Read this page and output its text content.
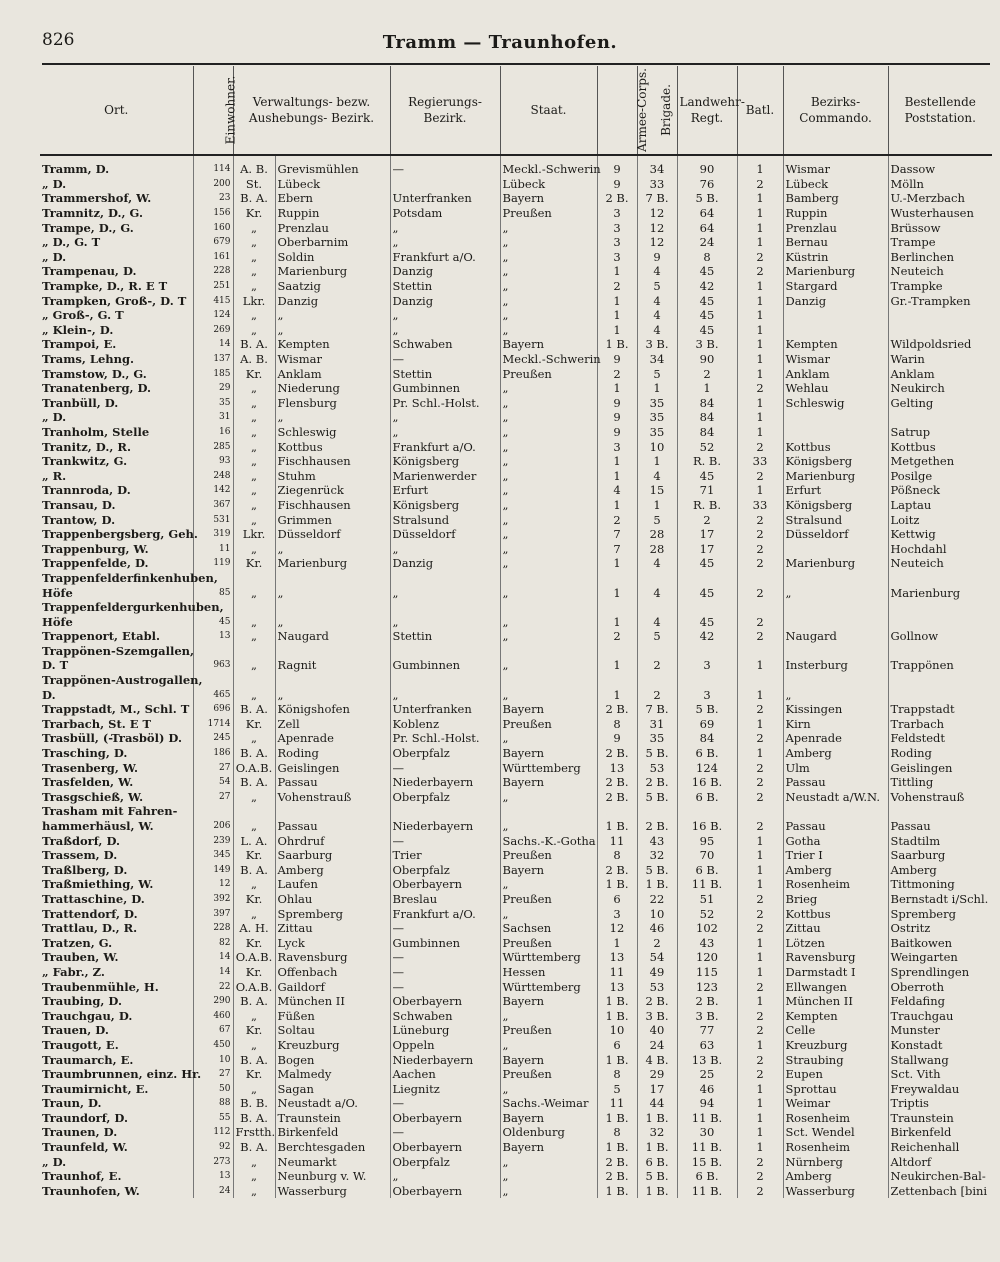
826	Tramm — Traunhofen.
Ort.	Einwohner.	Verwaltungs- bezw. Aushebungs- Bezirk.		Regierungs- Bezirk.	Staat.	Armee-Corps.	Brigade.	Landwehr- Regt.	Batl.	Bezirks- Commando.	Bestellende Poststation.
Tramm, D.	114	A. B.	Grevismühlen	—	Meckl.-Schwerin	9	34	90	1	Wismar	Dassow
„ D.	200	St.	Lübeck		Lübeck	9	33	76	2	Lübeck	Mölln
Trammershof, W.	23	B. A.	Ebern	Unterfranken	Bayern	2 B.	7 B.	5 B.	1	Bamberg	U.-Merzbach
Tramnitz, D., G.	156	Kr.	Ruppin	Potsdam	Preußen	3	12	64	1	Ruppin	Wusterhausen
Trampe, D., G.	160	„	Prenzlau	„	„	3	12	64	1	Prenzlau	Brüssow
„ D., G. T	679	„	Oberbarnim	„	„	3	12	24	1	Bernau	Trampe
„ D.	161	„	Soldin	Frankfurt a/O.	„	3	9	8	2	Küstrin	Berlinchen
Trampenau, D.	228	„	Marienburg	Danzig	„	1	4	45	2	Marienburg	Neuteich
Trampke, D., R. E T	251	„	Saatzig	Stettin	„	2	5	42	1	Stargard	Trampke
Trampken, Groß-, D. T	415	Lkr.	Danzig	Danzig	„	1	4	45	1	Danzig	Gr.-Trampken
„ Groß-, G. T	124	„	„	„	„	1	4	45	1		
„ Klein-, D.	269	„	„	„	„	1	4	45	1		
Trampoi, E.	14	B. A.	Kempten	Schwaben	Bayern	1 B.	3 B.	3 B.	1	Kempten	Wildpoldsried
Trams, Lehng.	137	A. B.	Wismar	—	Meckl.-Schwerin	9	34	90	1	Wismar	Warin
Tramstow, D., G.	185	Kr.	Anklam	Stettin	Preußen	2	5	2	1	Anklam	Anklam
Tranatenberg, D.	29	„	Niederung	Gumbinnen	„	1	1	1	2	Wehlau	Neukirch
Tranbüll, D.	35	„	Flensburg	Pr. Schl.-Holst.	„	9	35	84	1	Schleswig	Gelting
„ D.	31	„	„	„	„	9	35	84	1		
Tranholm, Stelle	16	„	Schleswig	„	„	9	35	84	1		Satrup
Tranitz, D., R.	285	„	Kottbus	Frankfurt a/O.	„	3	10	52	2	Kottbus	Kottbus
Trankwitz, G.	93	„	Fischhausen	Königsberg	„	1	1	R. B.	33	Königsberg	Metgethen
„ R.	248	„	Stuhm	Marienwerder	„	1	4	45	2	Marienburg	Posilge
Trannroda, D.	142	„	Ziegenrück	Erfurt	„	4	15	71	1	Erfurt	Pößneck
Transau, D.	367	„	Fischhausen	Königsberg	„	1	1	R. B.	33	Königsberg	Laptau
Trantow, D.	531	„	Grimmen	Stralsund	„	2	5	2	2	Stralsund	Loitz
Trappenbergsberg, Geh.	319	Lkr.	Düsseldorf	Düsseldorf	„	7	28	17	2	Düsseldorf	Kettwig
Trappenburg, W.	11	„	„	„	„	7	28	17	2		Hochdahl
Trappenfelde, D.	119	Kr.	Marienburg	Danzig	„	1	4	45	2	Marienburg	Neuteich
Trappenfelderfinkenhuben,											
Höfe	85	„	„	„	„	1	4	45	2	„	Marienburg
Trappenfeldergurkenhuben,											
Höfe	45	„	„	„	„	1	4	45	2		
Trappenort, Etabl.	13	„	Naugard	Stettin	„	2	5	42	2	Naugard	Gollnow
Trappönen-Szemgallen,											
D. T	963	„	Ragnit	Gumbinnen	„	1	2	3	1	Insterburg	Trappönen
Trappönen-Austrogallen,											
D.	465	„	„	„	„	1	2	3	1	„	
Trappstadt, M., Schl. T	696	B. A.	Königshofen	Unterfranken	Bayern	2 B.	7 B.	5 B.	2	Kissingen	Trappstadt
Trarbach, St. E T	1714	Kr.	Zell	Koblenz	Preußen	8	31	69	1	Kirn	Trarbach
Trasbüll, (-Trasböl) D.	245	„	Apenrade	Pr. Schl.-Holst.	„	9	35	84	2	Apenrade	Feldstedt
Trasching, D.	186	B. A.	Roding	Oberpfalz	Bayern	2 B.	5 B.	6 B.	1	Amberg	Roding
Trasenberg, W.	27	O.A.B.	Geislingen	—	Württemberg	13	53	124	2	Ulm	Geislingen
Trasfelden, W.	54	B. A.	Passau	Niederbayern	Bayern	2 B.	2 B.	16 B.	2	Passau	Tittling
Trasgschieß, W.	27	„	Vohenstrauß	Oberpfalz	„	2 B.	5 B.	6 B.	2	Neustadt a/W.N.	Vohenstrauß
Trasham mit Fahren-											
hammerhäusl, W.	206	„	Passau	Niederbayern	„	1 B.	2 B.	16 B.	2	Passau	Passau
Traßdorf, D.	239	L. A.	Ohrdruf	—	Sachs.-K.-Gotha	11	43	95	1	Gotha	Stadtilm
Trassem, D.	345	Kr.	Saarburg	Trier	Preußen	8	32	70	1	Trier I	Saarburg
Traßlberg, D.	149	B. A.	Amberg	Oberpfalz	Bayern	2 B.	5 B.	6 B.	1	Amberg	Amberg
Traßmiething, W.	12	„	Laufen	Oberbayern	„	1 B.	1 B.	11 B.	1	Rosenheim	Tittmoning
Trattaschine, D.	392	Kr.	Ohlau	Breslau	Preußen	6	22	51	2	Brieg	Bernstadt i/Schl.
Trattendorf, D.	397	„	Spremberg	Frankfurt a/O.	„	3	10	52	2	Kottbus	Spremberg
Trattlau, D., R.	228	A. H.	Zittau	—	Sachsen	12	46	102	2	Zittau	Ostritz
Tratzen, G.	82	Kr.	Lyck	Gumbinnen	Preußen	1	2	43	1	Lötzen	Baitkowen
Trauben, W.	14	O.A.B.	Ravensburg	—	Württemberg	13	54	120	1	Ravensburg	Weingarten
„ Fabr., Z.	14	Kr.	Offenbach	—	Hessen	11	49	115	1	Darmstadt I	Sprendlingen
Traubenmühle, H.	22	O.A.B.	Gaildorf	—	Württemberg	13	53	123	2	Ellwangen	Oberroth
Traubing, D.	290	B. A.	München II	Oberbayern	Bayern	1 B.	2 B.	2 B.	1	München II	Feldafing
Trauchgau, D.	460	„	Füßen	Schwaben	„	1 B.	3 B.	3 B.	2	Kempten	Trauchgau
Trauen, D.	67	Kr.	Soltau	Lüneburg	Preußen	10	40	77	2	Celle	Munster
Traugott, E.	450	„	Kreuzburg	Oppeln	„	6	24	63	1	Kreuzburg	Konstadt
Traumarch, E.	10	B. A.	Bogen	Niederbayern	Bayern	1 B.	4 B.	13 B.	2	Straubing	Stallwang
Traumbrunnen, einz. Hr.	27	Kr.	Malmedy	Aachen	Preußen	8	29	25	2	Eupen	Sct. Vith
Traumirnicht, E.	50	„	Sagan	Liegnitz	„	5	17	46	1	Sprottau	Freywaldau
Traun, D.	88	B. B.	Neustadt a/O.	—	Sachs.-Weimar	11	44	94	1	Weimar	Triptis
Traundorf, D.	55	B. A.	Traunstein	Oberbayern	Bayern	1 B.	1 B.	11 B.	1	Rosenheim	Traunstein
Traunen, D.	112	Frstth.	Birkenfeld	—	Oldenburg	8	32	30	1	Sct. Wendel	Birkenfeld
Traunfeld, W.	92	B. A.	Berchtesgaden	Oberbayern	Bayern	1 B.	1 B.	11 B.	1	Rosenheim	Reichenhall
„ D.	273	„	Neumarkt	Oberpfalz	„	2 B.	6 B.	15 B.	2	Nürnberg	Altdorf
Traunhof, E.	13	„	Neunburg v. W.	„	„	2 B.	5 B.	6 B.	2	Amberg	Neukirchen-Bal-
Traunhofen, W.	24	„	Wasserburg	Oberbayern	„	1 B.	1 B.	11 B.	2	Wasserburg	Zettenbach [bini
